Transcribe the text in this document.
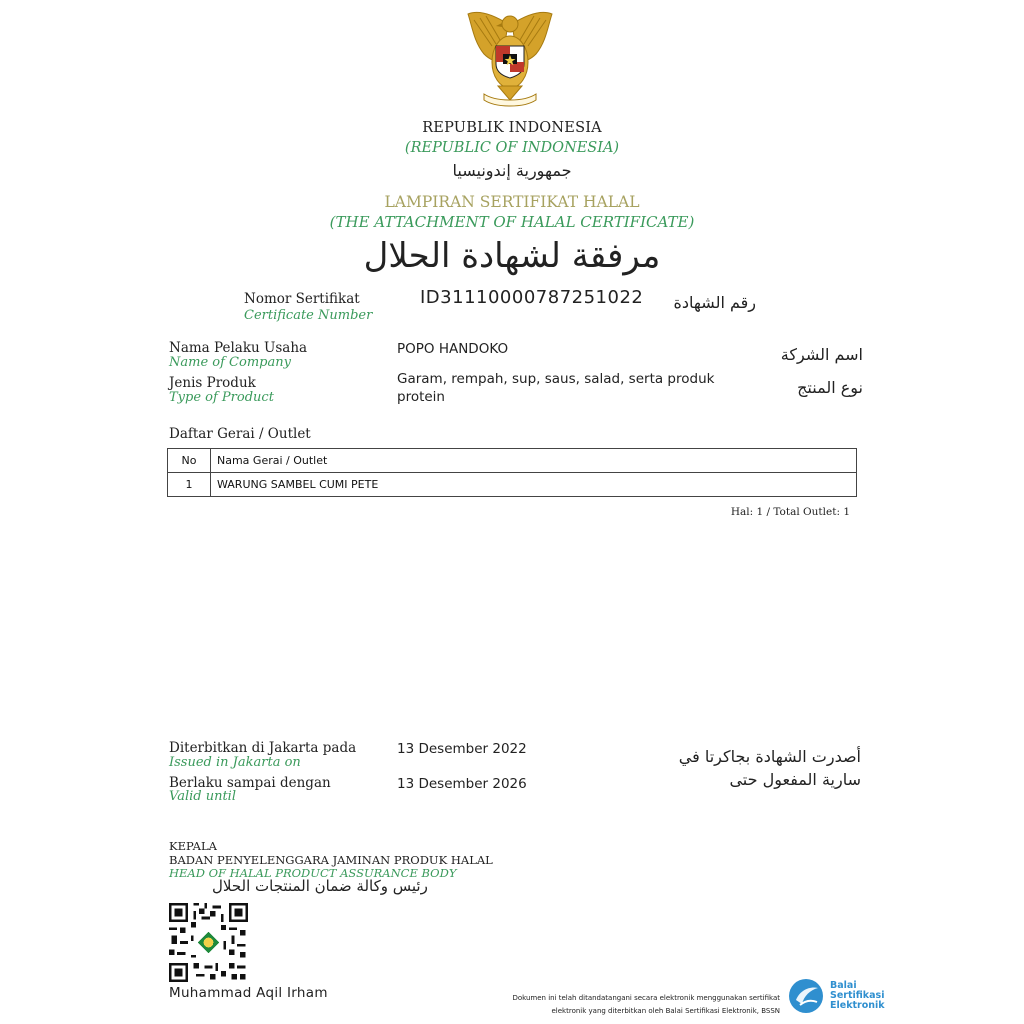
REPUBLIK INDONESIA
(REPUBLIC OF INDONESIA)
جمهورية إندونيسيا
LAMPIRAN SERTIFIKAT HALAL
(THE ATTACHMENT OF HALAL CERTIFICATE)
مرفقة لشهادة الحلال
Nomor Sertifikat
Certificate Number
ID31110000787251022 رقم الشهادة
Nama Pelaku Usaha
Name of Company
POPO HANDOKO	اسم الشركة
Jenis Produk
Type of Product
Garam, rempah, sup, saus, salad, serta produk protein	نوع المنتج
Daftar Gerai / Outlet
No	Nama Gerai / Outlet
1	WARUNG SAMBEL CUMI PETE
Hal: 1 / Total Outlet: 1
Diterbitkan di Jakarta pada
Issued in Jakarta on
13 Desember 2022	أصدرت الشهادة بجاكرتا في
Berlaku sampai dengan
Valid until
13 Desember 2026	سارية المفعول حتى
KEPALA
BADAN PENYELENGGARA JAMINAN PRODUK HALAL
HEAD OF HALAL PRODUCT ASSURANCE BODY
رئيس وكالة ضمان المنتجات الحلال
Muhammad Aqil Irham	Dokumen ini telah ditandatangani secara elektronik menggunakan sertifikat
elektronik yang diterbitkan oleh Balai Sertifikasi Elektronik, BSSN
Balai
Sertifikasi
Elektronik
